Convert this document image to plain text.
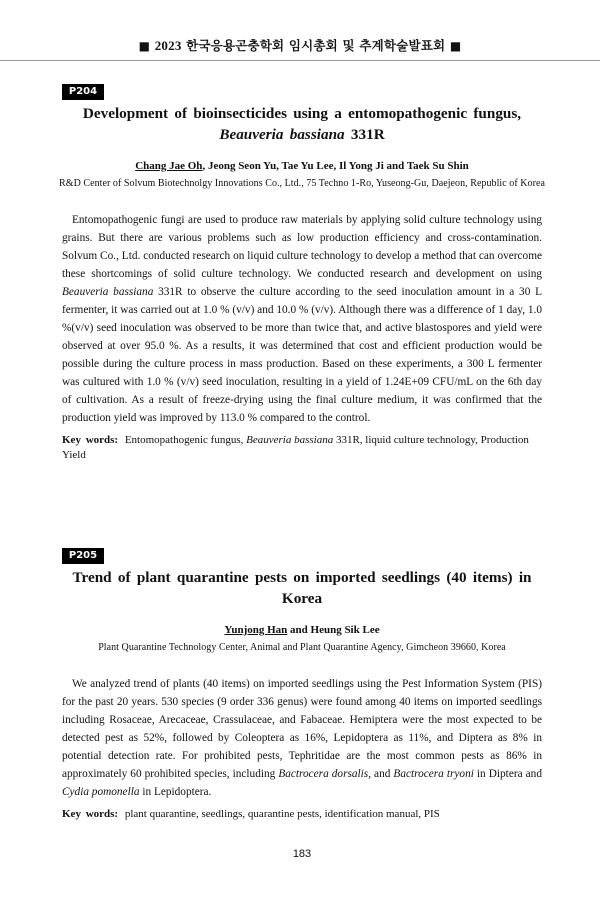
■ 2023 한국응용곤충학회 임시총회 및 추계학술발표회 ■
P204
Development of bioinsecticides using a entomopathogenic fungus, Beauveria bassiana 331R
Chang Jae Oh, Jeong Seon Yu, Tae Yu Lee, Il Yong Ji and Taek Su Shin
R&D Center of Solvum Biotechnolgy Innovations Co., Ltd., 75 Techno 1-Ro, Yuseong-Gu, Daejeon, Republic of Korea

Entomopathogenic fungi are used to produce raw materials by applying solid culture technology using grains. But there are various problems such as low production efficiency and cross-contamination. Solvum Co., Ltd. conducted research on liquid culture technology to develop a method that can overcome these shortcomings of solid culture technology. We conducted research and development on using Beauveria bassiana 331R to observe the culture according to the seed inoculation amount in a 30 L fermenter, it was carried out at 1.0 % (v/v) and 10.0 % (v/v). Although there was a difference of 1 day, 1.0 %(v/v) seed inoculation was observed to be more than twice that, and active blastospores and yield were observed at over 95.0 %. As a results, it was determined that cost and efficient production would be possible during the culture process in mass production. Based on these experiments, a 300 L fermenter was cultured with 1.0 % (v/v) seed inoculation, resulting in a yield of 1.24E+09 CFU/mL on the 6th day of cultivation. As a result of freeze-drying using the final culture medium, it was confirmed that the production yield was improved by 113.0 % compared to the control.

Key words: Entomopathogenic fungus, Beauveria bassiana 331R, liquid culture technology, Production Yield
P205
Trend of plant quarantine pests on imported seedlings (40 items) in Korea
Yunjong Han and Heung Sik Lee
Plant Quarantine Technology Center, Animal and Plant Quarantine Agency, Gimcheon 39660, Korea

We analyzed trend of plants (40 items) on imported seedlings using the Pest Information System (PIS) for the past 20 years. 530 species (9 order 336 genus) were found among 40 items on imported seedlings including Rosaceae, Arecaceae, Crassulaceae, and Fabaceae. Hemiptera were the most expected to be detected pest as 52%, followed by Coleoptera as 16%, Lepidoptera as 11%, and Diptera as 8% in potential detection rate. For prohibited pests, Tephritidae are the most common pests as 86% in approximately 60 prohibited species, including Bactrocera dorsalis, and Bactrocera tryoni in Diptera and Cydia pomonella in Lepidoptera.

Key words: plant quarantine, seedlings, quarantine pests, identification manual, PIS
183
